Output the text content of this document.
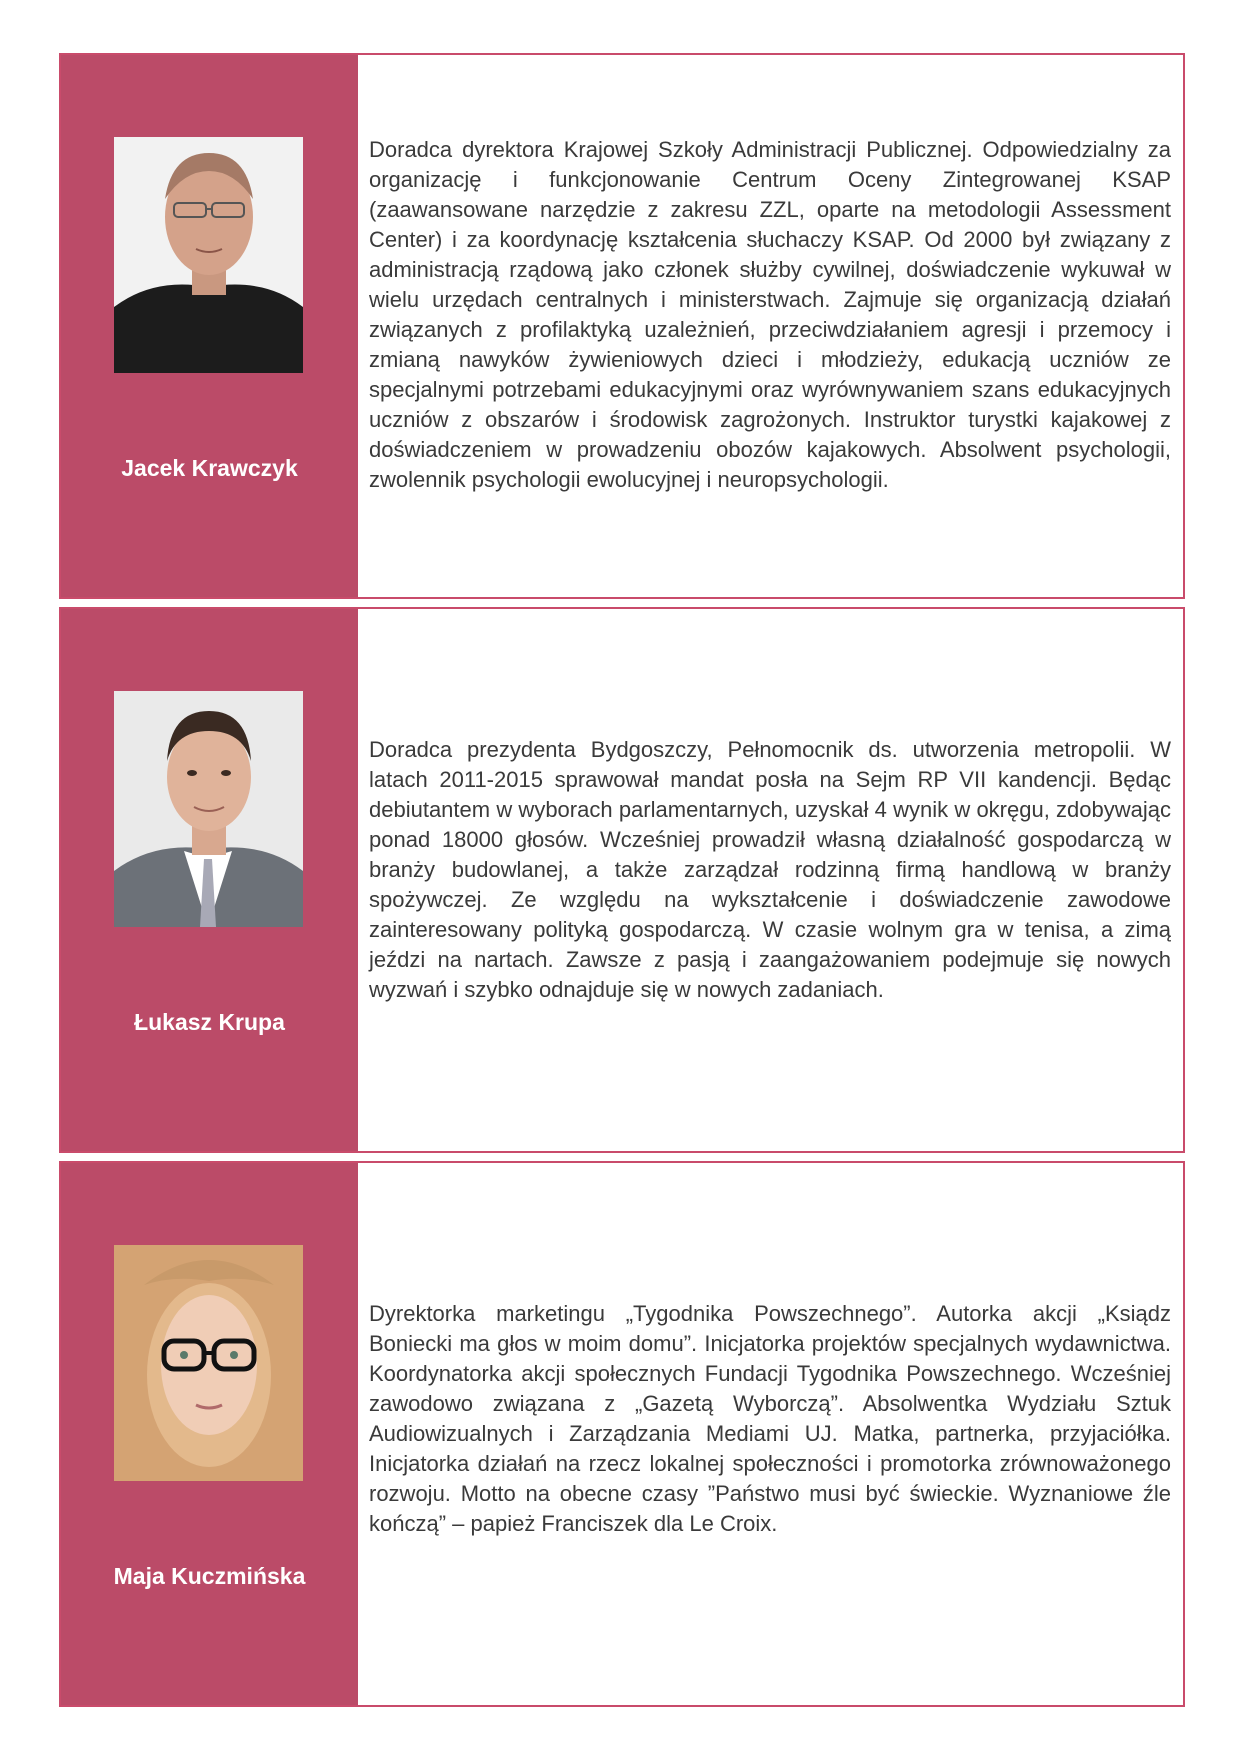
Jacek Krawczyk
Doradca dyrektora Krajowej Szkoły Administracji Publicznej. Odpowiedzialny za organizację i funkcjonowanie Centrum Oceny Zintegrowanej KSAP (zaawansowane narzędzie z zakresu ZZL, oparte na metodologii Assessment Center) i za koordynację kształcenia słuchaczy KSAP. Od 2000 był związany z administracją rządową jako członek służby cywilnej, doświadczenie wykuwał w wielu urzędach centralnych i ministerstwach. Zajmuje się organizacją działań związanych z profilaktyką uzależnień, przeciwdziałaniem agresji i przemocy i zmianą nawyków żywieniowych dzieci i młodzieży, edukacją uczniów ze specjalnymi potrzebami edukacyjnymi oraz wyrównywaniem szans edukacyjnych uczniów z obszarów i środowisk zagrożonych. Instruktor turystki kajakowej z doświadczeniem w prowadzeniu obozów kajakowych. Absolwent psychologii, zwolennik psychologii ewolucyjnej i neuropsychologii.
Łukasz Krupa
Doradca prezydenta Bydgoszczy, Pełnomocnik ds. utworzenia metropolii. W latach 2011-2015 sprawował mandat posła na Sejm RP VII kandencji. Będąc debiutantem w wyborach parlamentarnych, uzyskał 4 wynik w okręgu, zdobywając ponad 18000 głosów. Wcześniej prowadził własną działalność gospodarczą w branży budowlanej, a także zarządzał rodzinną firmą handlową w branży spożywczej. Ze względu na wykształcenie i doświadczenie zawodowe zainteresowany polityką gospodarczą. W czasie wolnym gra w tenisa, a zimą jeździ na nartach. Zawsze z pasją i zaangażowaniem podejmuje się nowych wyzwań i szybko odnajduje się w nowych zadaniach.
Maja Kuczmińska
Dyrektorka marketingu „Tygodnika Powszechnego”. Autorka akcji „Ksiądz Boniecki ma głos w moim domu”. Inicjatorka projektów specjalnych wydawnictwa. Koordynatorka akcji społecznych Fundacji Tygodnika Powszechnego. Wcześniej zawodowo związana z „Gazetą Wyborczą”. Absolwentka Wydziału Sztuk Audiowizualnych i Zarządzania Mediami UJ. Matka, partnerka, przyjaciółka. Inicjatorka działań na rzecz lokalnej społeczności i promotorka zrównoważonego rozwoju. Motto na obecne czasy ”Państwo musi być świeckie. Wyznaniowe źle kończą” – papież Franciszek dla Le Croix.
